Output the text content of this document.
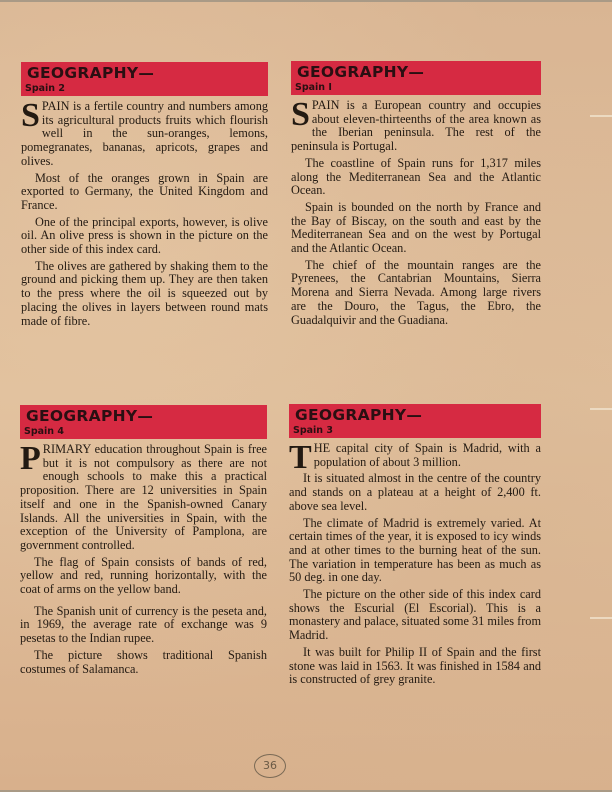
GEOGRAPHY—
Spain 2

SPAIN is a fertile country and numbers among its agricultural products fruits which flourish well in the sun-oranges, lemons, pomegranates, bananas, apricots, grapes and olives.

Most of the oranges grown in Spain are exported to Germany, the United Kingdom and France.

One of the principal exports, however, is olive oil. An olive press is shown in the picture on the other side of this index card.

The olives are gathered by shaking them to the ground and picking them up. They are then taken to the press where the oil is squeezed out by placing the olives in layers between round mats made of fibre.

GEOGRAPHY—
Spain I

SPAIN is a European country and occupies about eleven-thirteenths of the area known as the Iberian peninsula. The rest of the peninsula is Portugal.

The coastline of Spain runs for 1,317 miles along the Mediterranean Sea and the Atlantic Ocean.

Spain is bounded on the north by France and the Bay of Biscay, on the south and east by the Mediterranean Sea and on the west by Portugal and the Atlantic Ocean.

The chief of the mountain ranges are the Pyrenees, the Cantabrian Mountains, Sierra Morena and Sierra Nevada. Among large rivers are the Douro, the Tagus, the Ebro, the Guadalquivir and the Guadiana.

GEOGRAPHY—
Spain 4

PRIMARY education throughout Spain is free but it is not compulsory as there are not enough schools to make this a practical proposition. There are 12 universities in Spain itself and one in the Spanish-owned Canary Islands. All the universities in Spain, with the exception of the University of Pamplona, are government controlled.

The flag of Spain consists of bands of red, yellow and red, running horizontally, with the coat of arms on the yellow band.

The Spanish unit of currency is the peseta and, in 1969, the average rate of exchange was 9 pesetas to the Indian rupee.

The picture shows traditional Spanish costumes of Salamanca.

GEOGRAPHY—
Spain 3

THE capital city of Spain is Madrid, with a population of about 3 million.

It is situated almost in the centre of the country and stands on a plateau at a height of 2,400 ft. above sea level.

The climate of Madrid is extremely varied. At certain times of the year, it is exposed to icy winds and at other times to the burning heat of the sun. The variation in temperature has been as much as 50 deg. in one day.

The picture on the other side of this index card shows the Escurial (El Escorial). This is a monastery and palace, situated some 31 miles from Madrid.

It was built for Philip II of Spain and the first stone was laid in 1563. It was finished in 1584 and is constructed of grey granite.

36
